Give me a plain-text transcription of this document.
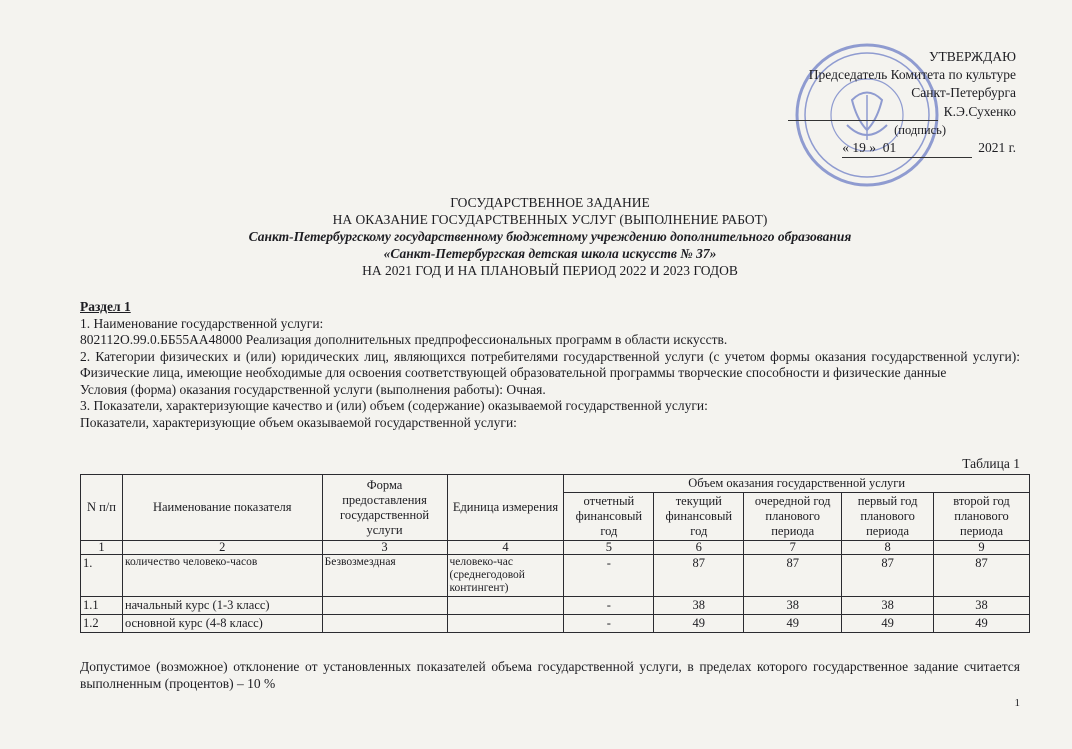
УТВЕРЖДАЮ
Председатель Комитета по культуре
Санкт-Петербурга
К.Э.Сухенко
(подпись)
« 19 » 01	2021 г.
ГОСУДАРСТВЕННОЕ ЗАДАНИЕ
НА ОКАЗАНИЕ ГОСУДАРСТВЕННЫХ УСЛУГ (ВЫПОЛНЕНИЕ РАБОТ)
Санкт-Петербургскому государственному бюджетному учреждению дополнительного образования
«Санкт-Петербургская детская школа искусств № 37»
НА 2021 ГОД И НА ПЛАНОВЫЙ ПЕРИОД 2022 И 2023 ГОДОВ

Раздел 1

1. Наименование государственной услуги:

802112О.99.0.ББ55АА48000 Реализация дополнительных предпрофессиональных программ в области искусств.

2. Категории физических и (или) юридических лиц, являющихся потребителями государственной услуги (с учетом формы оказания государственной услуги): Физические лица, имеющие необходимые для освоения соответствующей образовательной программы творческие способности и физические данные

Условия (форма) оказания государственной услуги (выполнения работы): Очная.

3. Показатели, характеризующие качество и (или) объем (содержание) оказываемой государственной услуги:

Показатели, характеризующие объем оказываемой государственной услуги:

Таблица 1
N п/п	Наименование показателя	Форма предоставления государственной услуги	Единица измерения	Объем оказания государственной услуги				
				отчетный финансовый год	текущий финансовый год	очередной год планового периода	первый год планового периода	второй год планового периода
1	2	3	4	5	6	7	8	9
1.	количество человеко-часов	Безвозмездная	человеко-час (среднегодовой контингент)	-	87	87	87	87
1.1	начальный курс (1-3 класс)			-	38	38	38	38
1.2	основной курс (4-8 класс)			-	49	49	49	49
Допустимое (возможное) отклонение от установленных показателей объема государственной услуги, в пределах которого государственное задание считается выполненным (процентов) – 10 %
1
